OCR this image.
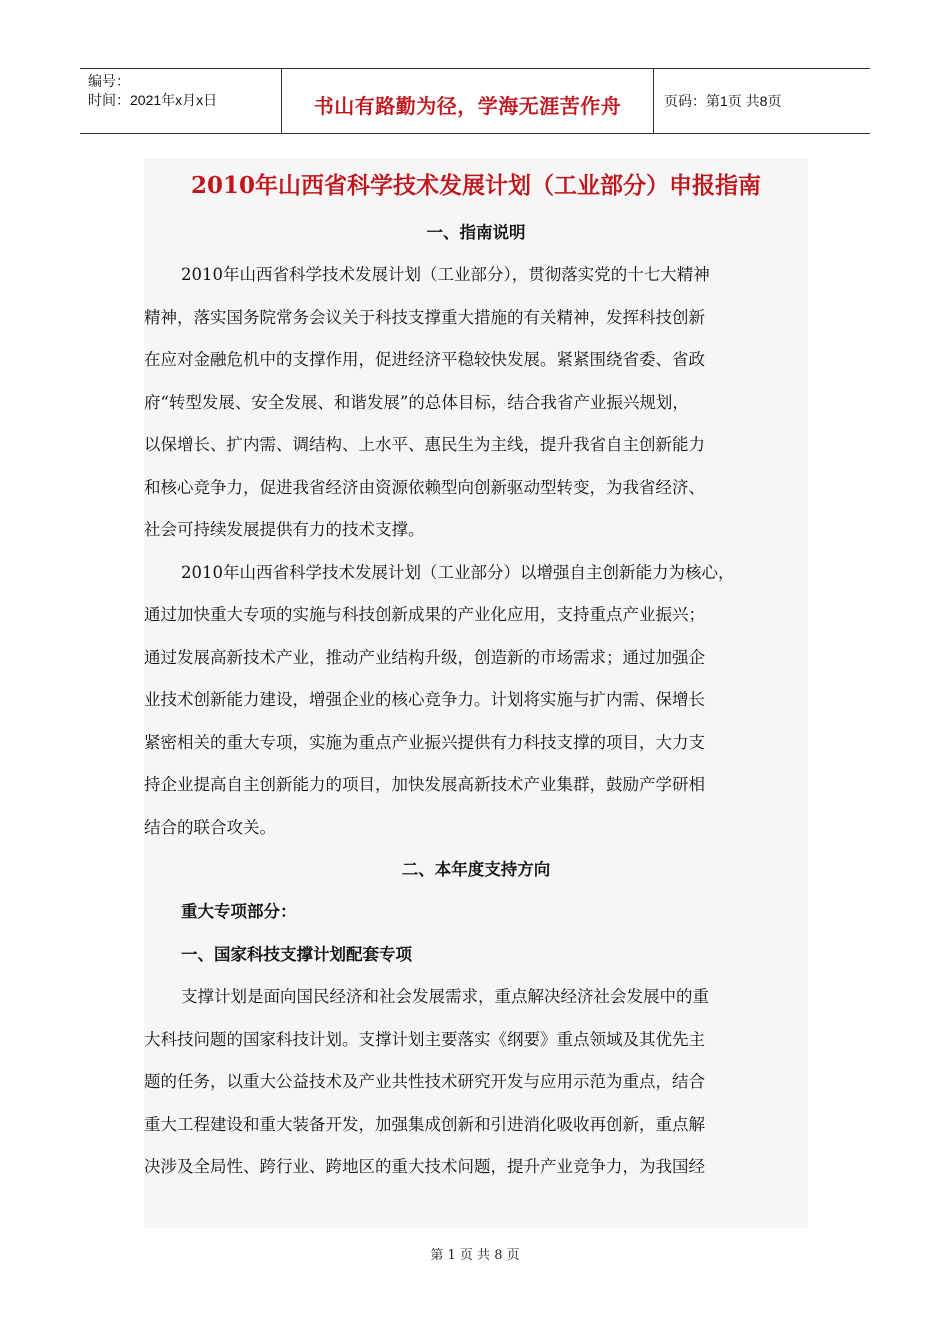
编号：
时间：2021年x月x日	书山有路勤为径，学海无涯苦作舟	页码：第1页 共8页
2010年山西省科学技术发展计划（工业部分）申报指南
一、指南说明
2010年山西省科学技术发展计划（工业部分），贯彻落实党的十七大精神
精神，落实国务院常务会议关于科技支撑重大措施的有关精神，发挥科技创新
在应对金融危机中的支撑作用，促进经济平稳较快发展。紧紧围绕省委、省政
府“转型发展、安全发展、和谐发展”的总体目标，结合我省产业振兴规划，
以保增长、扩内需、调结构、上水平、惠民生为主线，提升我省自主创新能力
和核心竞争力，促进我省经济由资源依赖型向创新驱动型转变，为我省经济、
社会可持续发展提供有力的技术支撑。
2010年山西省科学技术发展计划（工业部分）以增强自主创新能力为核心，
通过加快重大专项的实施与科技创新成果的产业化应用，支持重点产业振兴；
通过发展高新技术产业，推动产业结构升级，创造新的市场需求；通过加强企
业技术创新能力建设，增强企业的核心竞争力。计划将实施与扩内需、保增长
紧密相关的重大专项，实施为重点产业振兴提供有力科技支撑的项目，大力支
持企业提高自主创新能力的项目，加快发展高新技术产业集群，鼓励产学研相
结合的联合攻关。
二、本年度支持方向
重大专项部分：
一、国家科技支撑计划配套专项
支撑计划是面向国民经济和社会发展需求，重点解决经济社会发展中的重
大科技问题的国家科技计划。支撑计划主要落实《纲要》重点领域及其优先主
题的任务，以重大公益技术及产业共性技术研究开发与应用示范为重点，结合
重大工程建设和重大装备开发，加强集成创新和引进消化吸收再创新，重点解
决涉及全局性、跨行业、跨地区的重大技术问题，提升产业竞争力，为我国经
第 1 页 共 8 页
